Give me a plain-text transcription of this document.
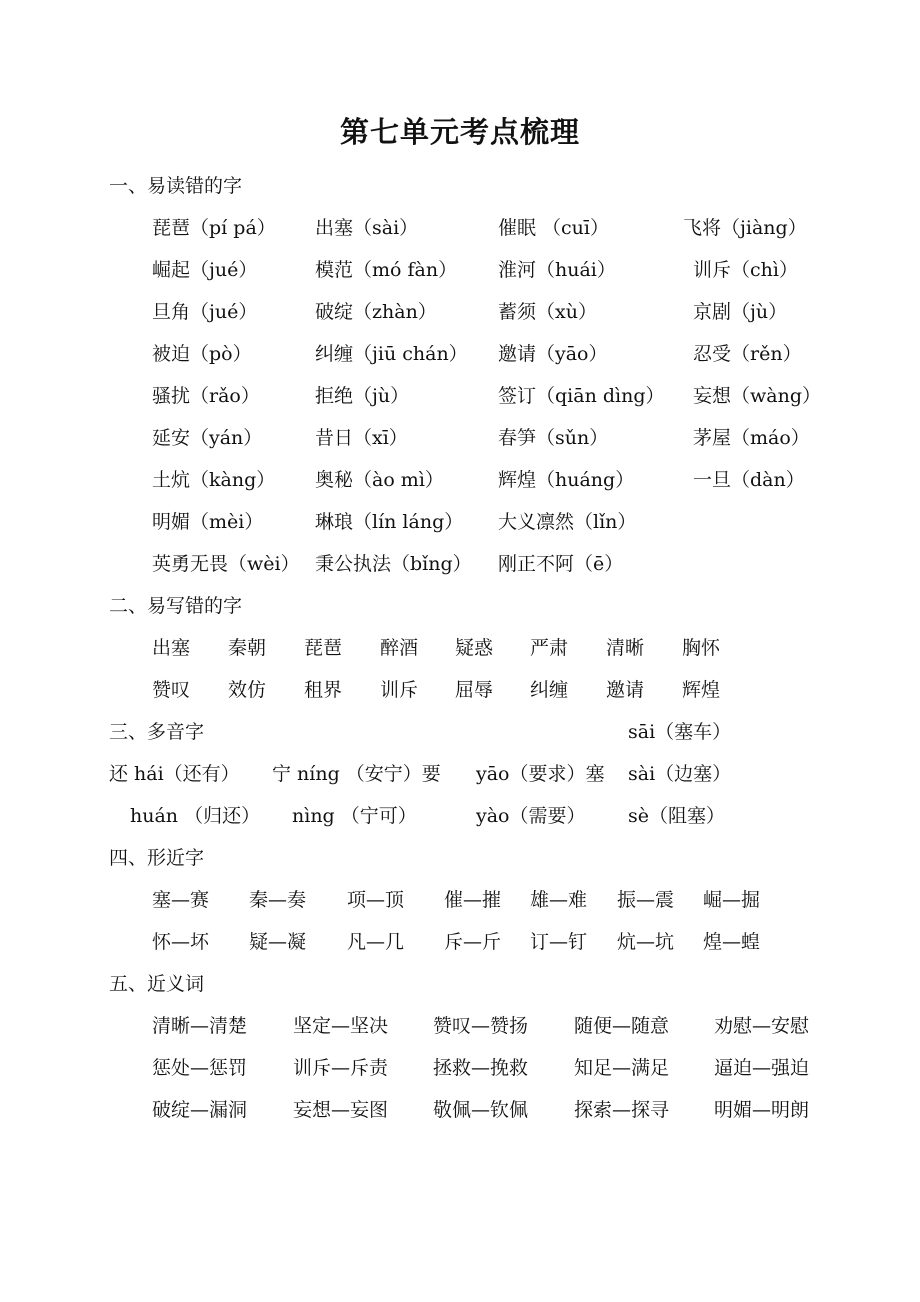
第七单元考点梳理
一、易读错的字
琵琶（pí pá） 出塞（sài）	催眠 （cuī）	飞将（jiàng）
崛起（jué）	模范（mó fàn） 淮河（huái）	训斥（chì）
旦角（jué）	破绽（zhàn）	蓄须（xù）	京剧（jù）
被迫（pò）	纠缠（jiū chán） 邀请（yāo）	忍受（rěn）
骚扰（rǎo）	拒绝（jù）	签订（qiān dìng） 妄想（wàng）
延安（yán）	昔日（xī）	春笋（sǔn）	茅屋（máo）
土炕（kàng） 奥秘（ào mì）	辉煌（huáng）	一旦（dàn）
明媚（mèi）	琳琅（lín láng） 大义凛然（lǐn）
英勇无畏（wèi） 秉公执法（bǐng） 刚正不阿（ē）
二、易写错的字
出塞 秦朝 琵琶 醉酒 疑惑 严肃 清晰 胸怀
赞叹 效仿 租界 训斥 屈辱 纠缠 邀请 辉煌
三、多音字	sāi（塞车）
还 hái（还有） 宁 níng （安宁）要 yāo（要求）塞 sài（边塞）
huán （归还） nìng （宁可）	yào（需要） sè（阻塞）
四、形近字
塞—赛 秦—奏 项—顶 催—摧 雄—难 振—震 崛—掘
怀—坏 疑—凝 凡—几 斥—斤 订—钉 炕—坑 煌—蝗
五、近义词
清晰—清楚 坚定—坚决 赞叹—赞扬 随便—随意 劝慰—安慰
惩处—惩罚 训斥—斥责 拯救—挽救 知足—满足 逼迫—强迫
破绽—漏洞 妄想—妄图 敬佩—钦佩 探索—探寻 明媚—明朗
